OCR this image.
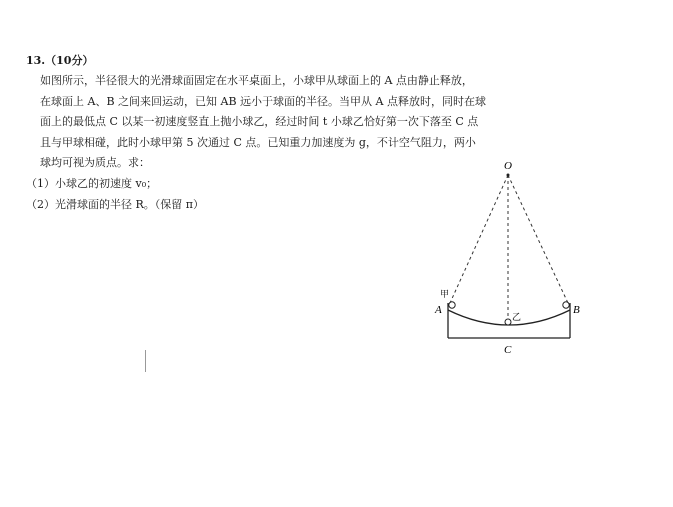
13.（10分）
如图所示，半径很大的光滑球面固定在水平桌面上，小球甲从球面上的 A 点由静止释放，
在球面上 A、B 之间来回运动，已知 AB 远小于球面的半径。当甲从 A 点释放时，同时在球
面上的最低点 C 以某一初速度竖直上抛小球乙，经过时间 t 小球乙恰好第一次下落至 C 点
且与甲球相碰，此时小球甲第 5 次通过 C 点。已知重力加速度为 g，不计空气阻力，两小
球均可视为质点。求：
（1）小球乙的初速度 v₀；
（2）光滑球面的半径 R。（保留 π）
O
甲
A	B
乙
C
